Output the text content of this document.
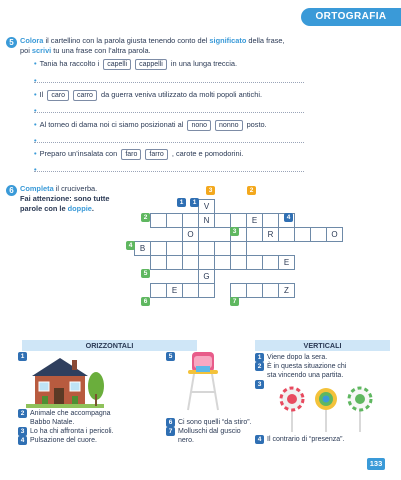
ORTOGRAFIA
5 Colora il cartellino con la parola giusta tenendo conto del significato della frase,
poi scrivi tu una frase con l’altra parola.
• Tania ha raccolto i capelli cappelli in una lunga treccia.
•
• Il caro carro da guerra veniva utilizzato da molti popoli antichi.
•
• Al torneo di dama noi ci siamo posizionati al nono nonno posto.
•
• Preparo un’insalata con faro farro , carote e pomodorini.
•
6 Completa il cruciverba.
Fai attenzione: sono tutte
parole con le doppie.	V
N	E
O	R	O
B
E
G
E	Z
1	1
2
3	2
3
4
4
5
6	7
ORIZZONTALI	VERTICALI
1	5
2 Animale che accompagna
Babbo Natale.
3 Lo ha chi affronta i pericoli.
4 Pulsazione del cuore.
6 Ci sono quelli “da stiro”.
7 Molluschi dal guscio
nero.
1 Viene dopo la sera.
2 È in questa situazione chi
sta vincendo una partita.
3
4 Il contrario di “presenza”.
133
